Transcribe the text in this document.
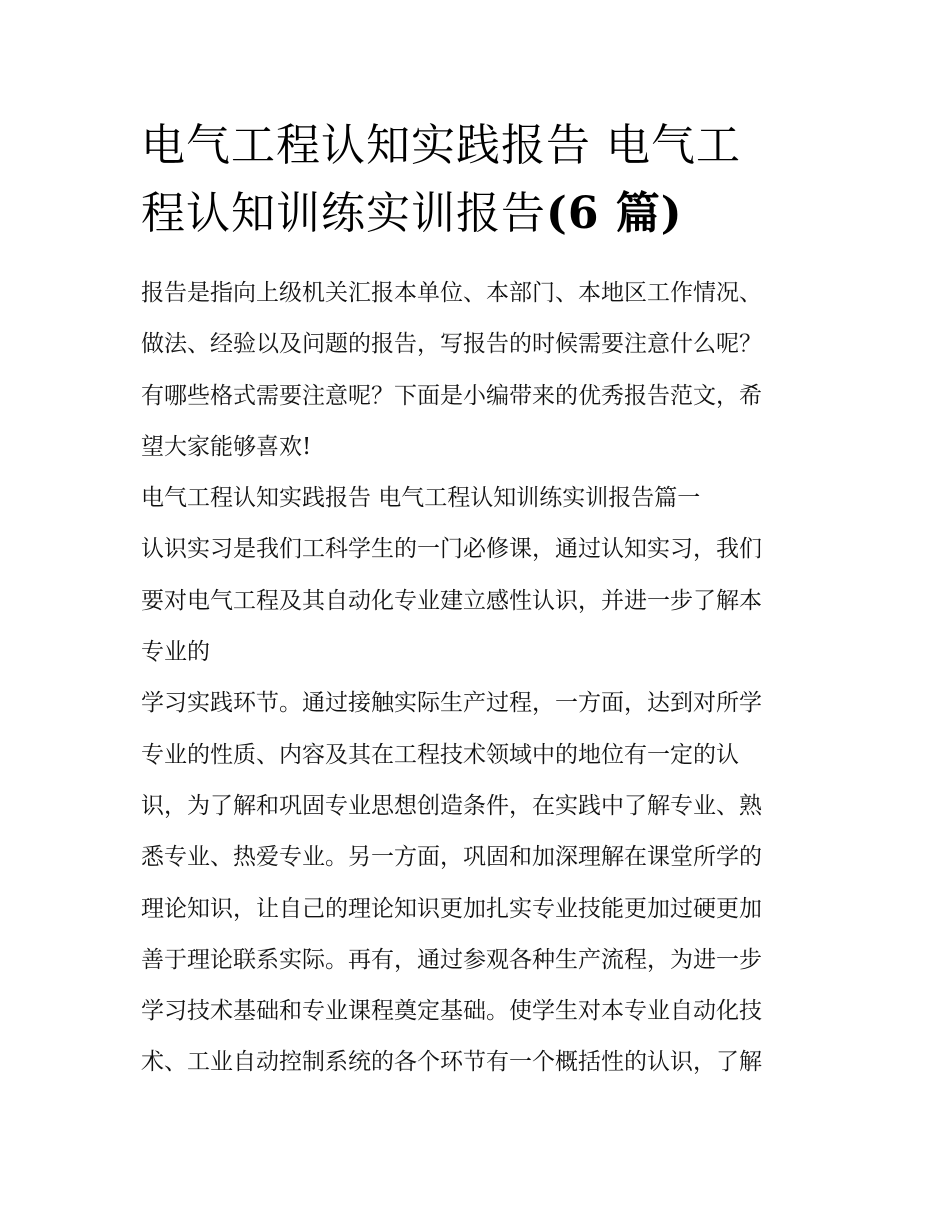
电气工程认知实践报告 电气工
程认知训练实训报告(6 篇)
报告是指向上级机关汇报本单位、本部门、本地区工作情况、
做法、经验以及问题的报告，写报告的时候需要注意什么呢？
有哪些格式需要注意呢？下面是小编带来的优秀报告范文，希
望大家能够喜欢!
电气工程认知实践报告 电气工程认知训练实训报告篇一
认识实习是我们工科学生的一门必修课，通过认知实习，我们
要对电气工程及其自动化专业建立感性认识，并进一步了解本
专业的
学习实践环节。通过接触实际生产过程，一方面，达到对所学
专业的性质、内容及其在工程技术领域中的地位有一定的认
识，为了解和巩固专业思想创造条件，在实践中了解专业、熟
悉专业、热爱专业。另一方面，巩固和加深理解在课堂所学的
理论知识，让自己的理论知识更加扎实专业技能更加过硬更加
善于理论联系实际。再有，通过参观各种生产流程，为进一步
学习技术基础和专业课程奠定基础。使学生对本专业自动化技
术、工业自动控制系统的各个环节有一个概括性的认识，了解
